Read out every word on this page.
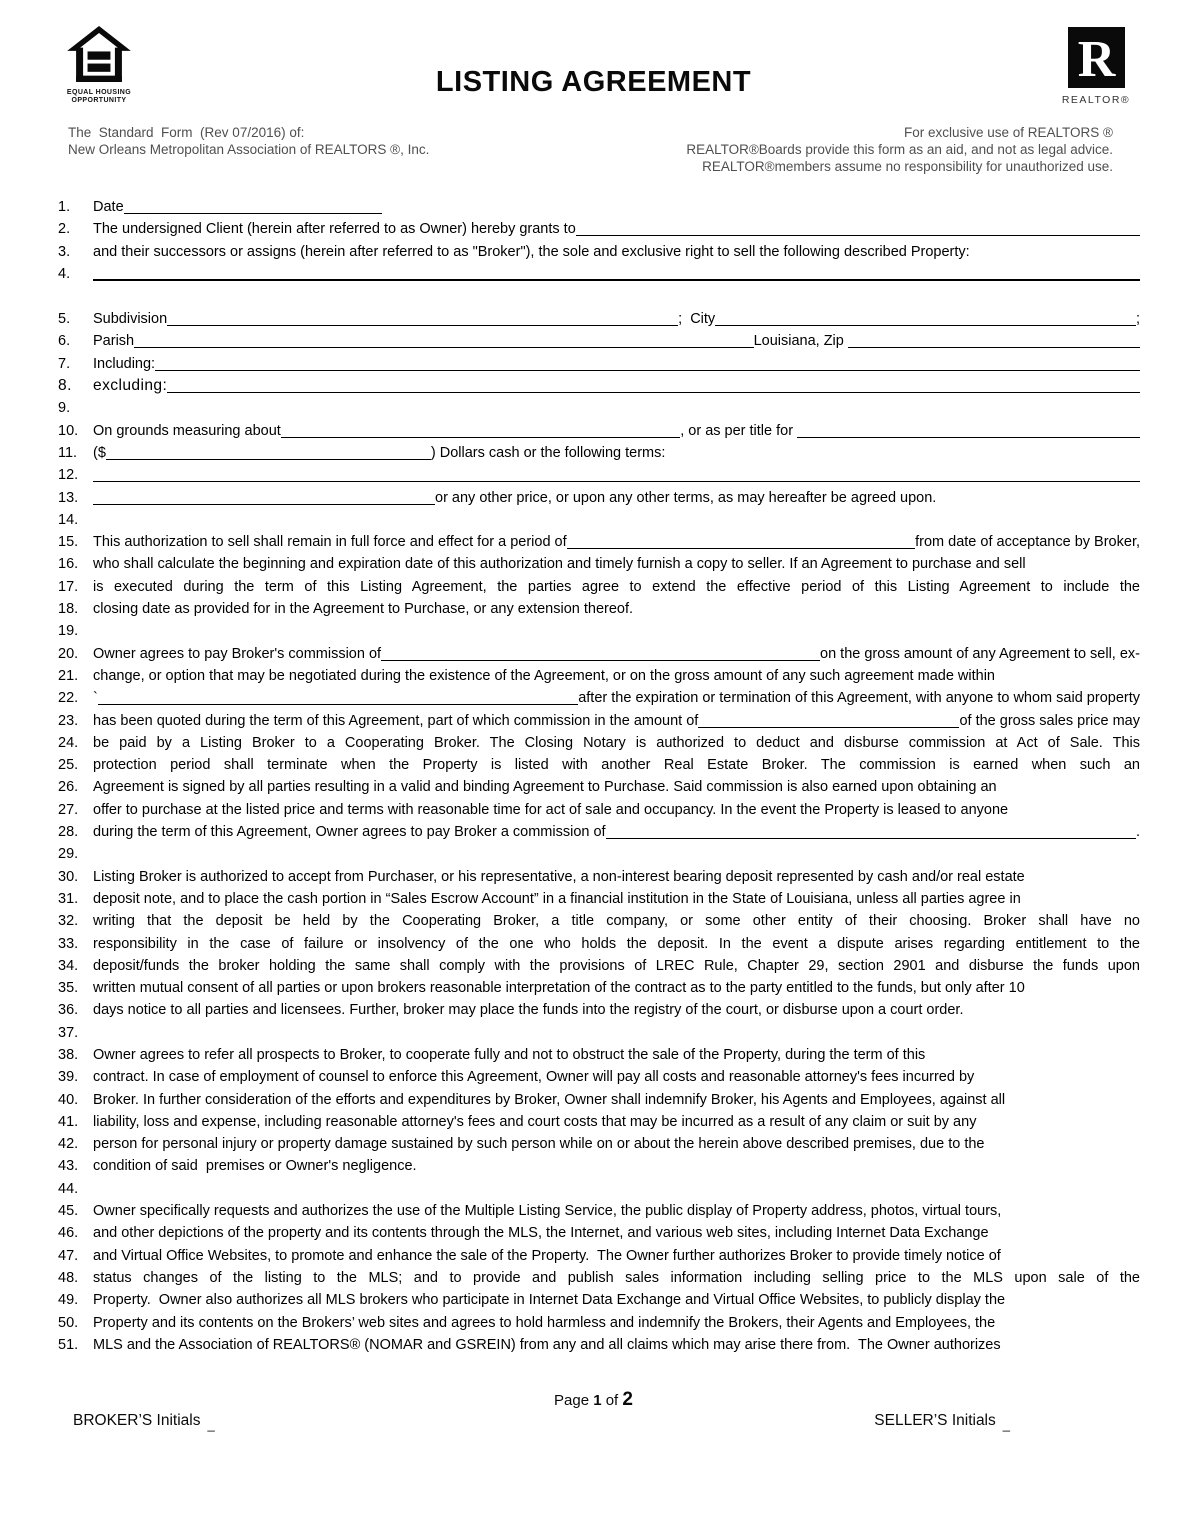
EQUAL HOUSING
OPPORTUNITY
LISTING AGREEMENT	R
REALTOR®
The  Standard  Form  (Rev 07/2016) of:
New Orleans Metropolitan Association of REALTORS ®, Inc.
For exclusive use of REALTORS ®
REALTOR®Boards provide this form as an aid, and not as legal advice.
REALTOR®members assume no responsibility for unauthorized use.
1.	Date
2.	The undersigned Client (herein after referred to as Owner) hereby grants to
3.	and their successors or assigns (herein after referred to as "Broker"), the sole and exclusive right to sell the following described Property:
4.
5.	Subdivision	;  City	;
6.	Parish	Louisiana, Zip
7.	Including:
8.	excluding:
9.
10.	On grounds measuring about	, or as per title for
11.	($	) Dollars cash or the following terms:
12.
13.	or any other price, or upon any other terms, as may hereafter be agreed upon.
14.
15.	This authorization to sell shall remain in full force and effect for a period of	from date of acceptance by Broker,
16.	who shall calculate the beginning and expiration date of this authorization and timely furnish a copy to seller. If an Agreement to purchase and sell
17.	is executed during the term of this Listing Agreement, the parties agree to extend the effective period of this Listing Agreement to include the
18.	closing date as provided for in the Agreement to Purchase, or any extension thereof.
19.
20.	Owner agrees to pay Broker's commission of	on the gross amount of any Agreement to sell, ex-
21.	change, or option that may be negotiated during the existence of the Agreement, or on the gross amount of any such agreement made within
22.	`	after the expiration or termination of this Agreement, with anyone to whom said property
23.	has been quoted during the term of this Agreement, part of which commission in the amount of	of the gross sales price may
24.	be paid by a Listing Broker to a Cooperating Broker. The Closing Notary is authorized to deduct and disburse commission at Act of Sale. This
25.	protection period shall terminate when the Property is listed with another Real Estate Broker. The commission is earned when such an
26.	Agreement is signed by all parties resulting in a valid and binding Agreement to Purchase. Said commission is also earned upon obtaining an
27.	offer to purchase at the listed price and terms with reasonable time for act of sale and occupancy. In the event the Property is leased to anyone
28.	during the term of this Agreement, Owner agrees to pay Broker a commission of	.
29.
30.	Listing Broker is authorized to accept from Purchaser, or his representative, a non-interest bearing deposit represented by cash and/or real estate
31.	deposit note, and to place the cash portion in “Sales Escrow Account” in a financial institution in the State of Louisiana, unless all parties agree in
32.	writing that the deposit be held by the Cooperating Broker, a title company, or some other entity of their choosing. Broker shall have no
33.	responsibility in the case of failure or insolvency of the one who holds the deposit. In the event a dispute arises regarding entitlement to the
34.	deposit/funds the broker holding the same shall comply with the provisions of LREC Rule, Chapter 29, section 2901 and disburse the funds upon
35.	written mutual consent of all parties or upon brokers reasonable interpretation of the contract as to the party entitled to the funds, but only after 10
36.	days notice to all parties and licensees. Further, broker may place the funds into the registry of the court, or disburse upon a court order.
37.
38.	Owner agrees to refer all prospects to Broker, to cooperate fully and not to obstruct the sale of the Property, during the term of this
39.	contract. In case of employment of counsel to enforce this Agreement, Owner will pay all costs and reasonable attorney's fees incurred by
40.	Broker. In further consideration of the efforts and expenditures by Broker, Owner shall indemnify Broker, his Agents and Employees, against all
41.	liability, loss and expense, including reasonable attorney's fees and court costs that may be incurred as a result of any claim or suit by any
42.	person for personal injury or property damage sustained by such person while on or about the herein above described premises, due to the
43.	condition of said  premises or Owner's negligence.
44.
45.	Owner specifically requests and authorizes the use of the Multiple Listing Service, the public display of Property address, photos, virtual tours,
46.	and other depictions of the property and its contents through the MLS, the Internet, and various web sites, including Internet Data Exchange
47.	and Virtual Office Websites, to promote and enhance the sale of the Property.  The Owner further authorizes Broker to provide timely notice of
48.	status changes of the listing to the MLS; and to provide and publish sales information including selling price to the MLS upon sale of the
49.	Property.  Owner also authorizes all MLS brokers who participate in Internet Data Exchange and Virtual Office Websites, to publicly display the
50.	Property and its contents on the Brokers’ web sites and agrees to hold harmless and indemnify the Brokers, their Agents and Employees, the
51.	MLS and the Association of REALTORS® (NOMAR and GSREIN) from any and all claims which may arise there from.  The Owner authorizes
Page 1 of 2
BROKER’S Initials _	SELLER’S Initials _
